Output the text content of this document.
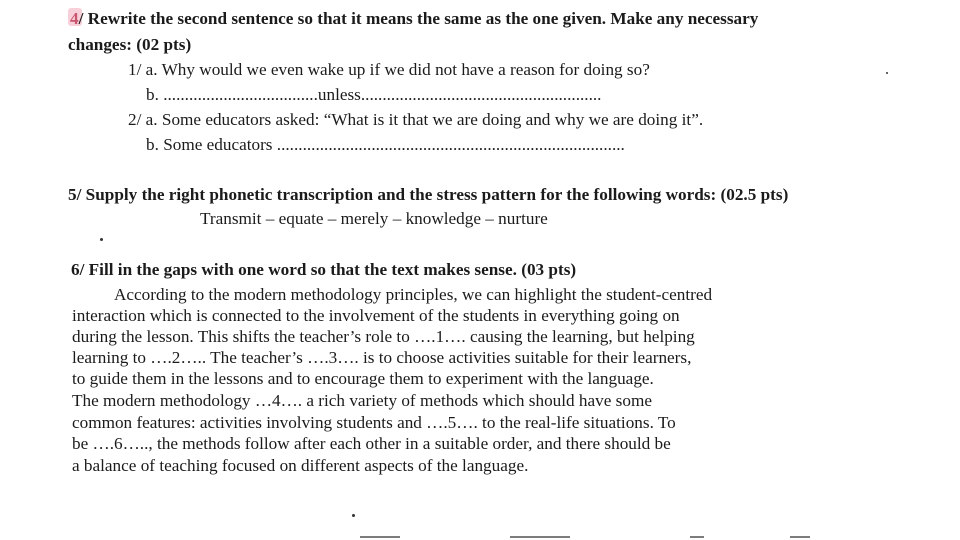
4/ Rewrite the second sentence so that it means the same as the one given. Make any necessary
changes: (02 pts)
1/ a. Why would we even wake up if we did not have a reason for doing so?
b. ....................................unless........................................................
2/ a. Some educators asked: “What is it that we are doing and why we are doing it”.
b. Some educators .................................................................................
5/ Supply the right phonetic transcription and the stress pattern for the following words: (02.5 pts)
Transmit – equate – merely – knowledge – nurture
6/ Fill in the gaps with one word so that the text makes sense. (03 pts)
According to the modern methodology principles, we can highlight the student-centred
interaction which is connected to the involvement of the students in everything going on
during the lesson. This shifts the teacher’s role to ….1…. causing the learning, but helping
learning to ….2….. The teacher’s ….3…. is to choose activities suitable for their learners,
to guide them in the lessons and to encourage them to experiment with the language.
The modern methodology …4…. a rich variety of methods which should have some
common features: activities involving students and ….5…. to the real-life situations. To
be ….6….., the methods follow after each other in a suitable order, and there should be
a balance of teaching focused on different aspects of the language.
